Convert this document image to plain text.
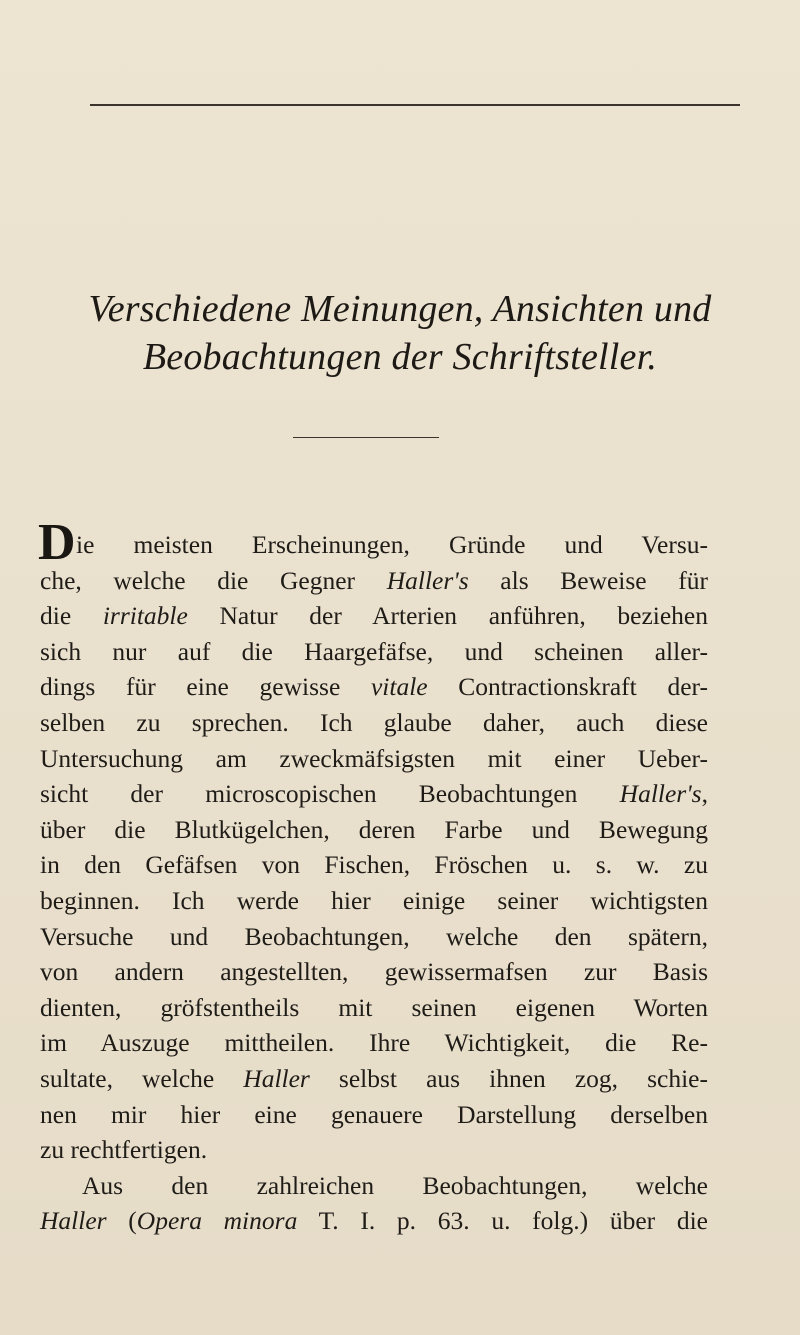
Verschiedene Meinungen, Ansichten und
Beobachtungen der Schriftsteller.
D ie meisten Erscheinungen, Gründe und Versu-
che, welche die Gegner Haller's als Beweise für
die irritable Natur der Arterien anführen, beziehen
sich nur auf die Haargefäfse, und scheinen aller-
dings für eine gewisse vitale Contractionskraft der-
selben zu sprechen. Ich glaube daher, auch diese
Untersuchung am zweckmäfsigsten mit einer Ueber-
sicht der microscopischen Beobachtungen Haller's,
über die Blutkügelchen, deren Farbe und Bewegung
in den Gefäfsen von Fischen, Fröschen u. s. w. zu
beginnen. Ich werde hier einige seiner wichtigsten
Versuche und Beobachtungen, welche den spätern,
von andern angestellten, gewissermafsen zur Basis
dienten, gröfstentheils mit seinen eigenen Worten
im Auszuge mittheilen. Ihre Wichtigkeit, die Re-
sultate, welche Haller selbst aus ihnen zog, schie-
nen mir hier eine genauere Darstellung derselben
zu rechtfertigen.
Aus den zahlreichen Beobachtungen, welche
Haller (Opera minora T. I. p. 63. u. folg.) über die
